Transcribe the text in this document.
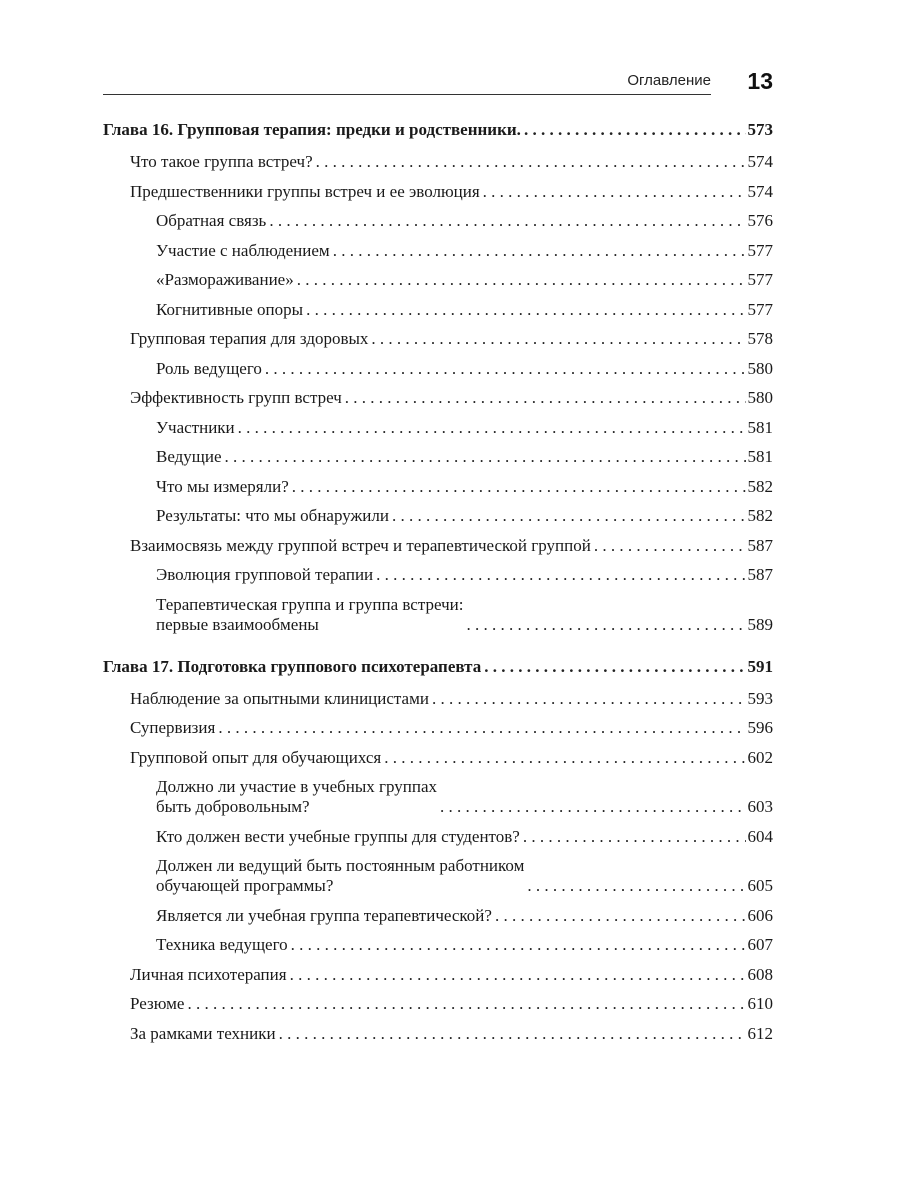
Оглавление 13
Глава 16. Групповая терапия: предки и родственники. . . .	573
Что такое группа встреч? . . .	574
Предшественники группы встреч и ее эволюция . . .	574
Обратная связь . . .	576
Участие с наблюдением . . .	577
«Размораживание» . . .	577
Когнитивные опоры . . .	577
Групповая терапия для здоровых . . .	578
Роль ведущего . . .	580
Эффективность групп встреч . . .	580
Участники . . .	581
Ведущие . . .	581
Что мы измеряли? . . .	582
Результаты: что мы обнаружили . . .	582
Взаимосвязь между группой встреч и терапевтической группой . . .	587
Эволюция групповой терапии . . .	587
Терапевтическая группа и группа встречи:
первые взаимообмены . . .	589
Глава 17. Подготовка группового психотерапевта . . .	591
Наблюдение за опытными клиницистами . . .	593
Супервизия . . .	596
Групповой опыт для обучающихся . . .	602
Должно ли участие в учебных группах
быть добровольным? . . .	603
Кто должен вести учебные группы для студентов? . . .	604
Должен ли ведущий быть постоянным работником
обучающей программы? . . .	605
Является ли учебная группа терапевтической? . . .	606
Техника ведущего . . .	607
Личная психотерапия . . .	608
Резюме . . .	610
За рамками техники . . .	612
